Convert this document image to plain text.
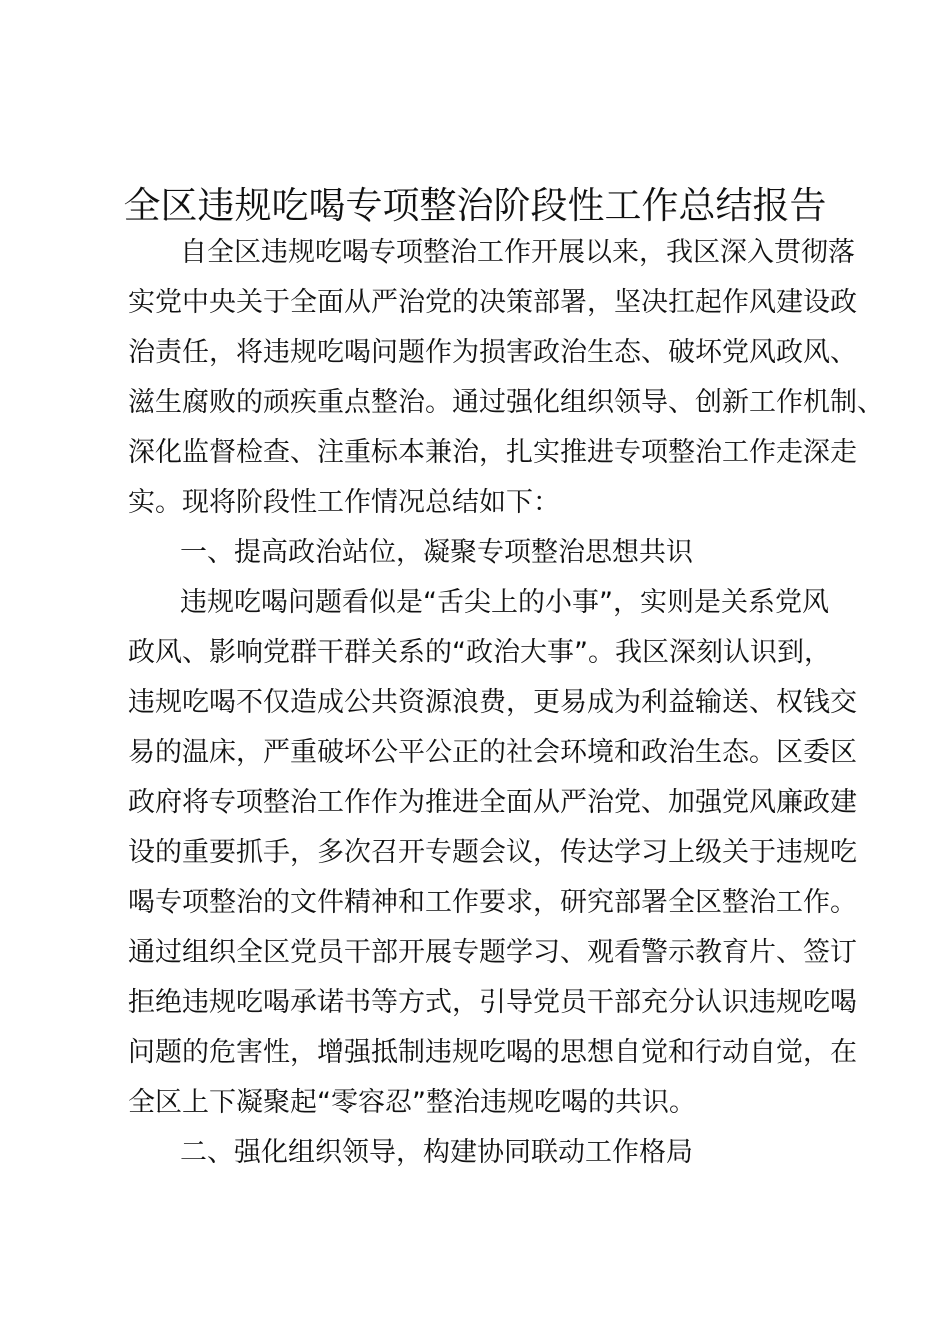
全区违规吃喝专项整治阶段性工作总结报告

自全区违规吃喝专项整治工作开展以来，我区深入贯彻落

实党中央关于全面从严治党的决策部署，坚决扛起作风建设政

治责任，将违规吃喝问题作为损害政治生态、破坏党风政风、

滋生腐败的顽疾重点整治。通过强化组织领导、创新工作机制、

深化监督检查、注重标本兼治，扎实推进专项整治工作走深走

实。现将阶段性工作情况总结如下：

一、提高政治站位，凝聚专项整治思想共识

违规吃喝问题看似是“舌尖上的小事”，实则是关系党风

政风、影响党群干群关系的“政治大事”。我区深刻认识到，

违规吃喝不仅造成公共资源浪费，更易成为利益输送、权钱交

易的温床，严重破坏公平公正的社会环境和政治生态。区委区

政府将专项整治工作作为推进全面从严治党、加强党风廉政建

设的重要抓手，多次召开专题会议，传达学习上级关于违规吃

喝专项整治的文件精神和工作要求，研究部署全区整治工作。

通过组织全区党员干部开展专题学习、观看警示教育片、签订

拒绝违规吃喝承诺书等方式，引导党员干部充分认识违规吃喝

问题的危害性，增强抵制违规吃喝的思想自觉和行动自觉，在

全区上下凝聚起“零容忍”整治违规吃喝的共识。

二、强化组织领导，构建协同联动工作格局
